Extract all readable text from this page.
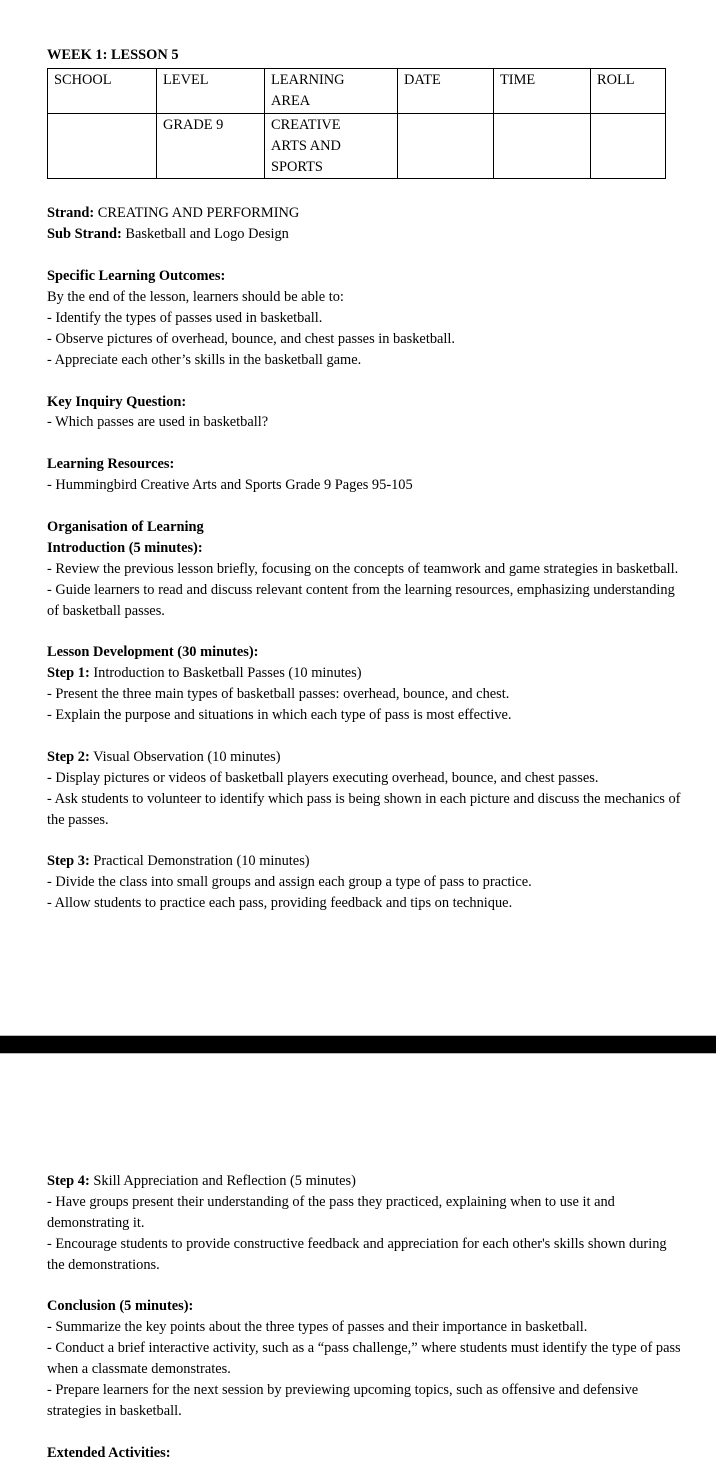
WEEK 1: LESSON 5

SCHOOL	LEVEL	LEARNING AREA	DATE	TIME	ROLL

	GRADE 9	CREATIVE ARTS AND SPORTS			

Strand: CREATING AND PERFORMING

Sub Strand: Basketball and Logo Design

Specific Learning Outcomes:

By the end of the lesson, learners should be able to:

- Identify the types of passes used in basketball.

- Observe pictures of overhead, bounce, and chest passes in basketball.

- Appreciate each other’s skills in the basketball game.

Key Inquiry Question:

- Which passes are used in basketball?

Learning Resources:

- Hummingbird Creative Arts and Sports Grade 9 Pages 95-105

Organisation of Learning

Introduction (5 minutes):

- Review the previous lesson briefly, focusing on the concepts of teamwork and game strategies in basketball.

- Guide learners to read and discuss relevant content from the learning resources, emphasizing understanding of basketball passes.

Lesson Development (30 minutes):

Step 1: Introduction to Basketball Passes (10 minutes)

- Present the three main types of basketball passes: overhead, bounce, and chest.

- Explain the purpose and situations in which each type of pass is most effective.

Step 2: Visual Observation (10 minutes)

- Display pictures or videos of basketball players executing overhead, bounce, and chest passes.

- Ask students to volunteer to identify which pass is being shown in each picture and discuss the mechanics of the passes.

Step 3: Practical Demonstration (10 minutes)

- Divide the class into small groups and assign each group a type of pass to practice.

- Allow students to practice each pass, providing feedback and tips on technique.

Step 4: Skill Appreciation and Reflection (5 minutes)

- Have groups present their understanding of the pass they practiced, explaining when to use it and demonstrating it.

- Encourage students to provide constructive feedback and appreciation for each other's skills shown during the demonstrations.

Conclusion (5 minutes):

- Summarize the key points about the three types of passes and their importance in basketball.

- Conduct a brief interactive activity, such as a “pass challenge,” where students must identify the type of pass when a classmate demonstrates.

- Prepare learners for the next session by previewing upcoming topics, such as offensive and defensive strategies in basketball.

Extended Activities:
